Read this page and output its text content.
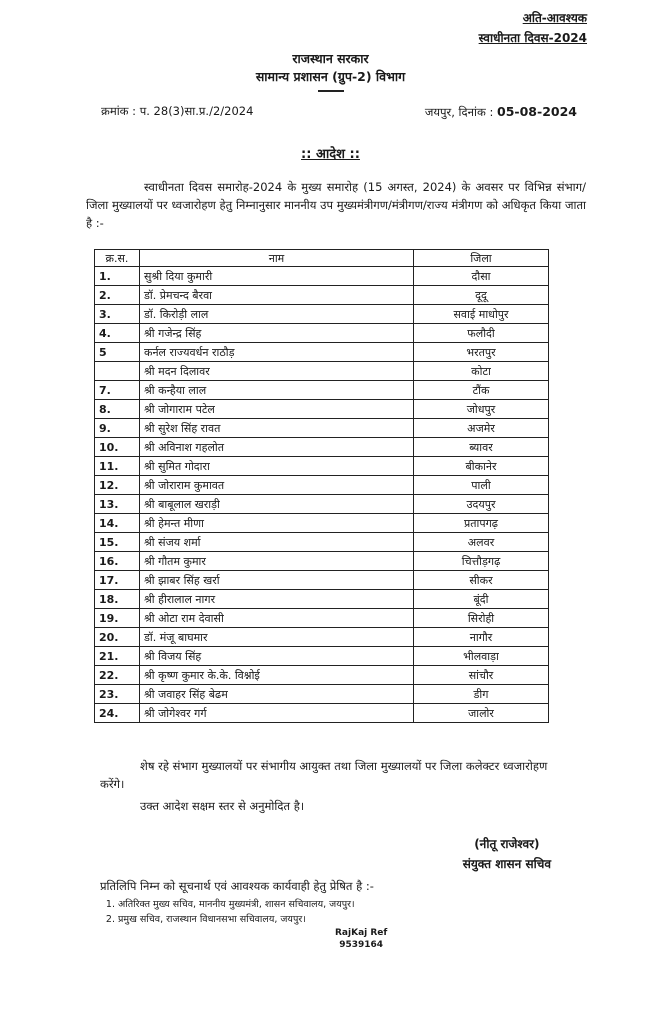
अति-आवश्यक
स्वाधीनता दिवस-2024
राजस्थान सरकार
सामान्य प्रशासन (ग्रुप-2) विभाग
क्रमांक : प. 28(3)सा.प्र./2/2024	जयपुर, दिनांक : 05-08-2024
:: आदेश ::

स्वाधीनता दिवस समारोह-2024 के मुख्य समारोह (15 अगस्त, 2024) के अवसर पर विभिन्न संभाग/जिला मुख्यालयों पर ध्वजारोहण हेतु निम्नानुसार माननीय उप मुख्यमंत्रीगण/मंत्रीगण/राज्य मंत्रीगण को अधिकृत किया जाता है :-

क्र.स.	नाम	जिला
1.	सुश्री दिया कुमारी	दौसा
2.	डॉ. प्रेमचन्द बैरवा	दूदू
3.	डॉ. किरोड़ी लाल	सवाई माधोपुर
4.	श्री गजेन्द्र सिंह	फलौदी
5	कर्नल राज्यवर्धन राठौड़	भरतपुर
	श्री मदन दिलावर	कोटा
7.	श्री कन्हैया लाल	टौंक
8.	श्री जोगाराम पटेल	जोधपुर
9.	श्री सुरेश सिंह रावत	अजमेर
10.	श्री अविनाश गहलोत	ब्यावर
11.	श्री सुमित गोदारा	बीकानेर
12.	श्री जोराराम कुमावत	पाली
13.	श्री बाबूलाल खराड़ी	उदयपुर
14.	श्री हेमन्त मीणा	प्रतापगढ़
15.	श्री संजय शर्मा	अलवर
16.	श्री गौतम कुमार	चित्तौड़गढ़
17.	श्री झाबर सिंह खर्रा	सीकर
18.	श्री हीरालाल नागर	बूंदी
19.	श्री ओटा राम देवासी	सिरोही
20.	डॉ. मंजू बाघमार	नागौर
21.	श्री विजय सिंह	भीलवाड़ा
22.	श्री कृष्ण कुमार के.के. विश्नोई	सांचौर
23.	श्री जवाहर सिंह बेढम	डीग
24.	श्री जोगेश्वर गर्ग	जालोर

शेष रहे संभाग मुख्यालयों पर संभागीय आयुक्त तथा जिला मुख्यालयों पर जिला कलेक्टर ध्वजारोहण करेंगे।

उक्त आदेश सक्षम स्तर से अनुमोदित है।

(नीतू राजेश्वर)
संयुक्त शासन सचिव
प्रतिलिपि निम्न को सूचनार्थ एवं आवश्यक कार्यवाही हेतु प्रेषित है :-
1. अतिरिक्त मुख्य सचिव, माननीय मुख्यमंत्री, शासन सचिवालय, जयपुर।
2. प्रमुख सचिव, राजस्थान विधानसभा सचिवालय, जयपुर।
RajKaj Ref
9539164
